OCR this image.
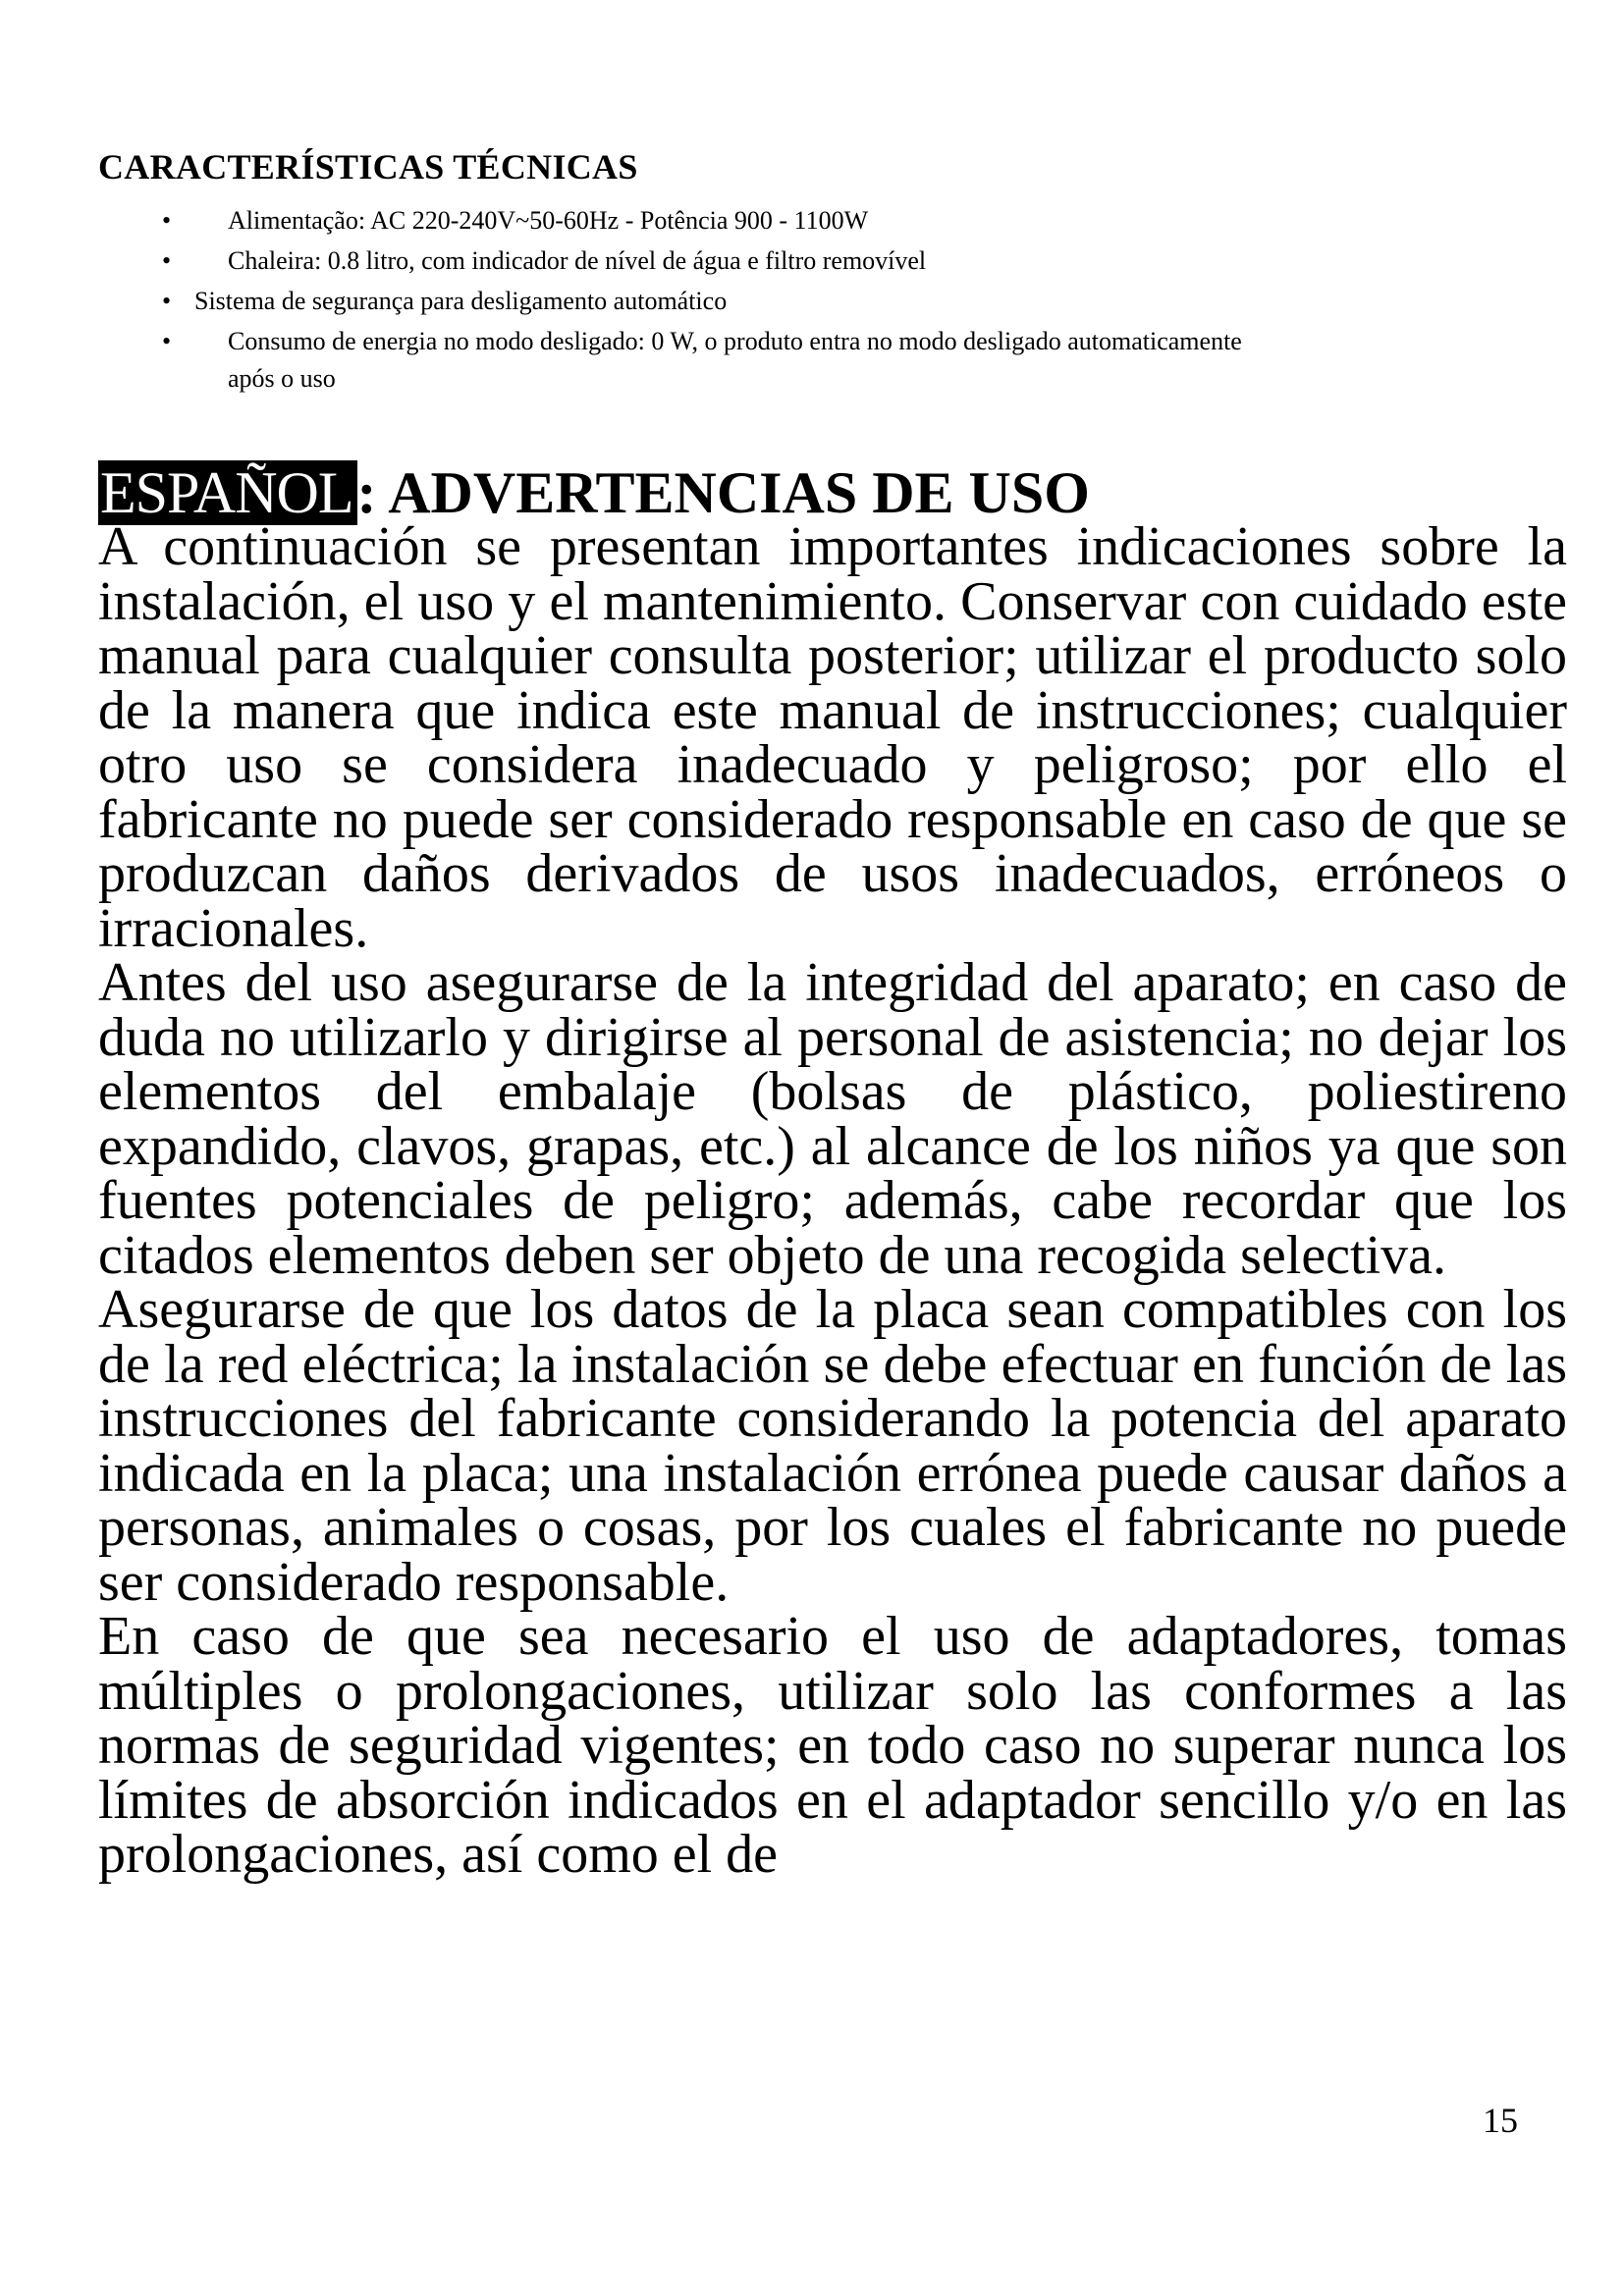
CARACTERÍSTICAS TÉCNICAS
• Alimentação: AC 220-240V~50-60Hz - Potência 900 - 1100W
• Chaleira: 0.8 litro, com indicador de nível de água e filtro removível
• Sistema de segurança para desligamento automático
• Consumo de energia no modo desligado: 0 W, o produto entra no modo desligado automaticamente
após o uso
ESPAÑOL: ADVERTENCIAS DE USO

A continuación se presentan importantes indicaciones sobre la instalación, el uso y el mantenimiento. Conservar con cuidado este manual para cualquier consulta posterior; utilizar el producto solo de la manera que indica este manual de instrucciones; cualquier otro uso se considera inadecuado y peligroso; por ello el fabricante no puede ser considerado responsable en caso de que se produzcan daños derivados de usos inadecuados, erróneos o irracionales.

Antes del uso asegurarse de la integridad del aparato; en caso de duda no utilizarlo y dirigirse al personal de asistencia; no dejar los elementos del embalaje (bolsas de plástico, poliestireno expandido, clavos, grapas, etc.) al alcance de los niños ya que son fuentes potenciales de peligro; además, cabe recordar que los citados elementos deben ser objeto de una recogida selectiva.

Asegurarse de que los datos de la placa sean compatibles con los de la red eléctrica; la instalación se debe efectuar en función de las instrucciones del fabricante considerando la potencia del aparato indicada en la placa; una instalación errónea puede causar daños a personas, animales o cosas, por los cuales el fabricante no puede ser considerado responsable.

En caso de que sea necesario el uso de adaptadores, tomas múltiples o prolongaciones, utilizar solo las conformes a las normas de seguridad vigentes; en todo caso no superar nunca los límites de absorción indicados en el adaptador sencillo y/o en las prolongaciones, así como el de

15
